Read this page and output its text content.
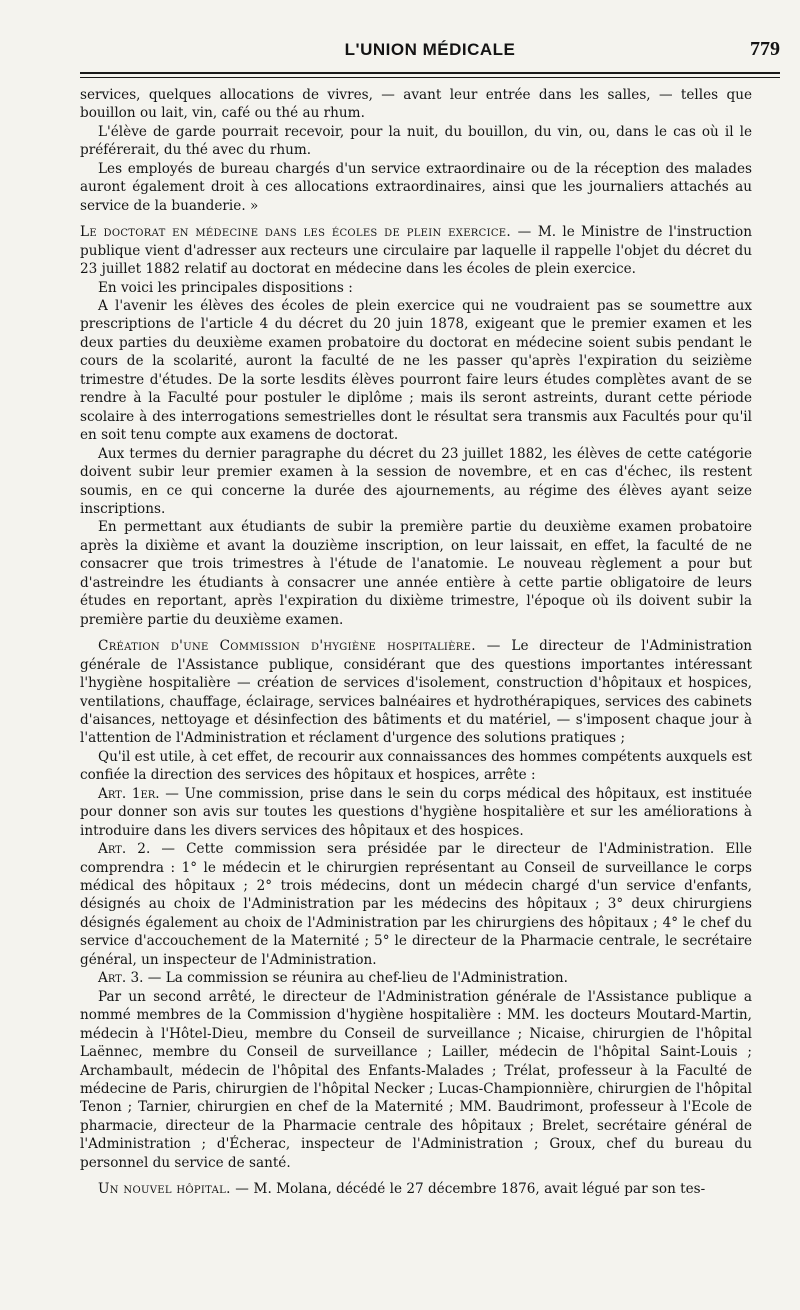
L'UNION MÉDICALE	779

services, quelques allocations de vivres, — avant leur entrée dans les salles, — telles que bouillon ou lait, vin, café ou thé au rhum.

L'élève de garde pourrait recevoir, pour la nuit, du bouillon, du vin, ou, dans le cas où il le préférerait, du thé avec du rhum.

Les employés de bureau chargés d'un service extraordinaire ou de la réception des malades auront également droit à ces allocations extraordinaires, ainsi que les journaliers attachés au service de la buanderie. »

Le doctorat en médecine dans les écoles de plein exercice. — M. le Ministre de l'instruction publique vient d'adresser aux recteurs une circulaire par laquelle il rappelle l'objet du décret du 23 juillet 1882 relatif au doctorat en médecine dans les écoles de plein exercice.

En voici les principales dispositions :

A l'avenir les élèves des écoles de plein exercice qui ne voudraient pas se soumettre aux prescriptions de l'article 4 du décret du 20 juin 1878, exigeant que le premier examen et les deux parties du deuxième examen probatoire du doctorat en médecine soient subis pendant le cours de la scolarité, auront la faculté de ne les passer qu'après l'expiration du seizième trimestre d'études. De la sorte lesdits élèves pourront faire leurs études complètes avant de se rendre à la Faculté pour postuler le diplôme ; mais ils seront astreints, durant cette période scolaire à des interrogations semestrielles dont le résultat sera transmis aux Facultés pour qu'il en soit tenu compte aux examens de doctorat.

Aux termes du dernier paragraphe du décret du 23 juillet 1882, les élèves de cette catégorie doivent subir leur premier examen à la session de novembre, et en cas d'échec, ils restent soumis, en ce qui concerne la durée des ajournements, au régime des élèves ayant seize inscriptions.

En permettant aux étudiants de subir la première partie du deuxième examen probatoire après la dixième et avant la douzième inscription, on leur laissait, en effet, la faculté de ne consacrer que trois trimestres à l'étude de l'anatomie. Le nouveau règlement a pour but d'astreindre les étudiants à consacrer une année entière à cette partie obligatoire de leurs études en reportant, après l'expiration du dixième trimestre, l'époque où ils doivent subir la première partie du deuxième examen.

Création d'une Commission d'hygiène hospitalière. — Le directeur de l'Administration générale de l'Assistance publique, considérant que des questions importantes intéressant l'hygiène hospitalière — création de services d'isolement, construction d'hôpitaux et hospices, ventilations, chauffage, éclairage, services balnéaires et hydrothérapiques, services des cabinets d'aisances, nettoyage et désinfection des bâtiments et du matériel, — s'imposent chaque jour à l'attention de l'Administration et réclament d'urgence des solutions pratiques ;

Qu'il est utile, à cet effet, de recourir aux connaissances des hommes compétents auxquels est confiée la direction des services des hôpitaux et hospices, arrête :

Art. 1er. — Une commission, prise dans le sein du corps médical des hôpitaux, est instituée pour donner son avis sur toutes les questions d'hygiène hospitalière et sur les améliorations à introduire dans les divers services des hôpitaux et des hospices.

Art. 2. — Cette commission sera présidée par le directeur de l'Administration. Elle comprendra : 1° le médecin et le chirurgien représentant au Conseil de surveillance le corps médical des hôpitaux ; 2° trois médecins, dont un médecin chargé d'un service d'enfants, désignés au choix de l'Administration par les médecins des hôpitaux ; 3° deux chirurgiens désignés également au choix de l'Administration par les chirurgiens des hôpitaux ; 4° le chef du service d'accouchement de la Maternité ; 5° le directeur de la Pharmacie centrale, le secrétaire général, un inspecteur de l'Administration.

Art. 3. — La commission se réunira au chef-lieu de l'Administration.

Par un second arrêté, le directeur de l'Administration générale de l'Assistance publique a nommé membres de la Commission d'hygiène hospitalière : MM. les docteurs Moutard-Martin, médecin à l'Hôtel-Dieu, membre du Conseil de surveillance ; Nicaise, chirurgien de l'hôpital Laënnec, membre du Conseil de surveillance ; Lailler, médecin de l'hôpital Saint-Louis ; Archambault, médecin de l'hôpital des Enfants-Malades ; Trélat, professeur à la Faculté de médecine de Paris, chirurgien de l'hôpital Necker ; Lucas-Championnière, chirurgien de l'hôpital Tenon ; Tarnier, chirurgien en chef de la Maternité ; MM. Baudrimont, professeur à l'Ecole de pharmacie, directeur de la Pharmacie centrale des hôpitaux ; Brelet, secrétaire général de l'Administration ; d'Écherac, inspecteur de l'Administration ; Groux, chef du bureau du personnel du service de santé.

Un nouvel hôpital. — M. Molana, décédé le 27 décembre 1876, avait légué par son tes-
